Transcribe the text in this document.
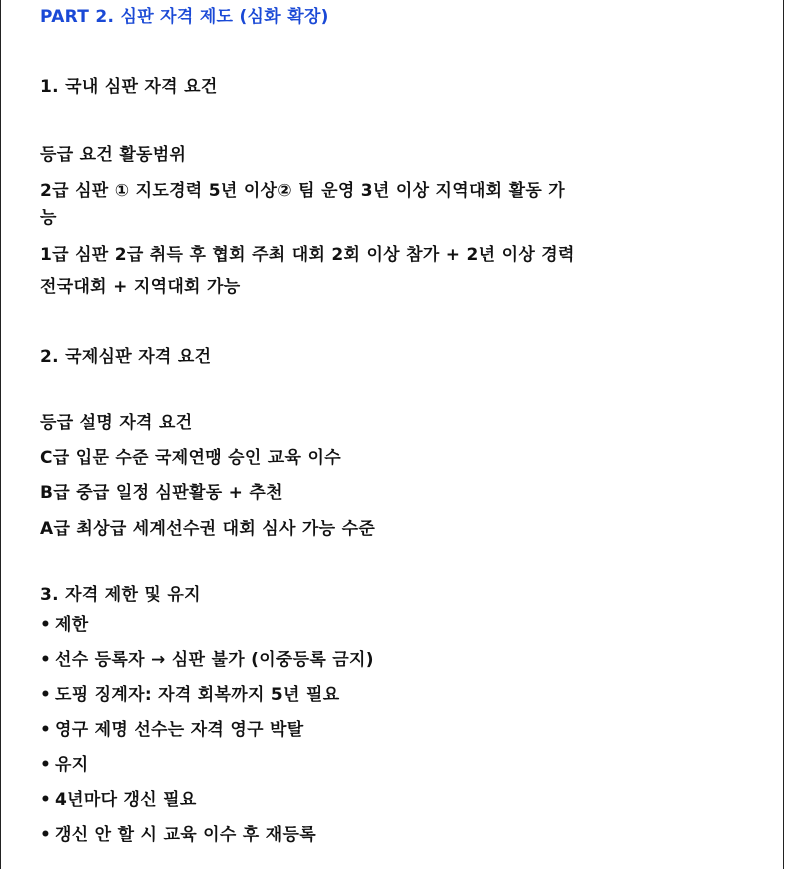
PART 2. 심판 자격 제도 (심화 확장)
1. 국내 심판 자격 요건
등급 요건 활동범위
2급 심판 ① 지도경력 5년 이상② 팀 운영 3년 이상 지역대회 활동 가
능
1급 심판 2급 취득 후 협회 주최 대회 2회 이상 참가 + 2년 이상 경력
전국대회 + 지역대회 가능
2. 국제심판 자격 요건
등급 설명 자격 요건
C급 입문 수준 국제연맹 승인 교육 이수
B급 중급 일정 심판활동 + 추천
A급 최상급 세계선수권 대회 심사 가능 수준
3. 자격 제한 및 유지
• 제한
• 선수 등록자 → 심판 불가 (이중등록 금지)
• 도핑 징계자: 자격 회복까지 5년 필요
• 영구 제명 선수는 자격 영구 박탈
• 유지
• 4년마다 갱신 필요
• 갱신 안 할 시 교육 이수 후 재등록
